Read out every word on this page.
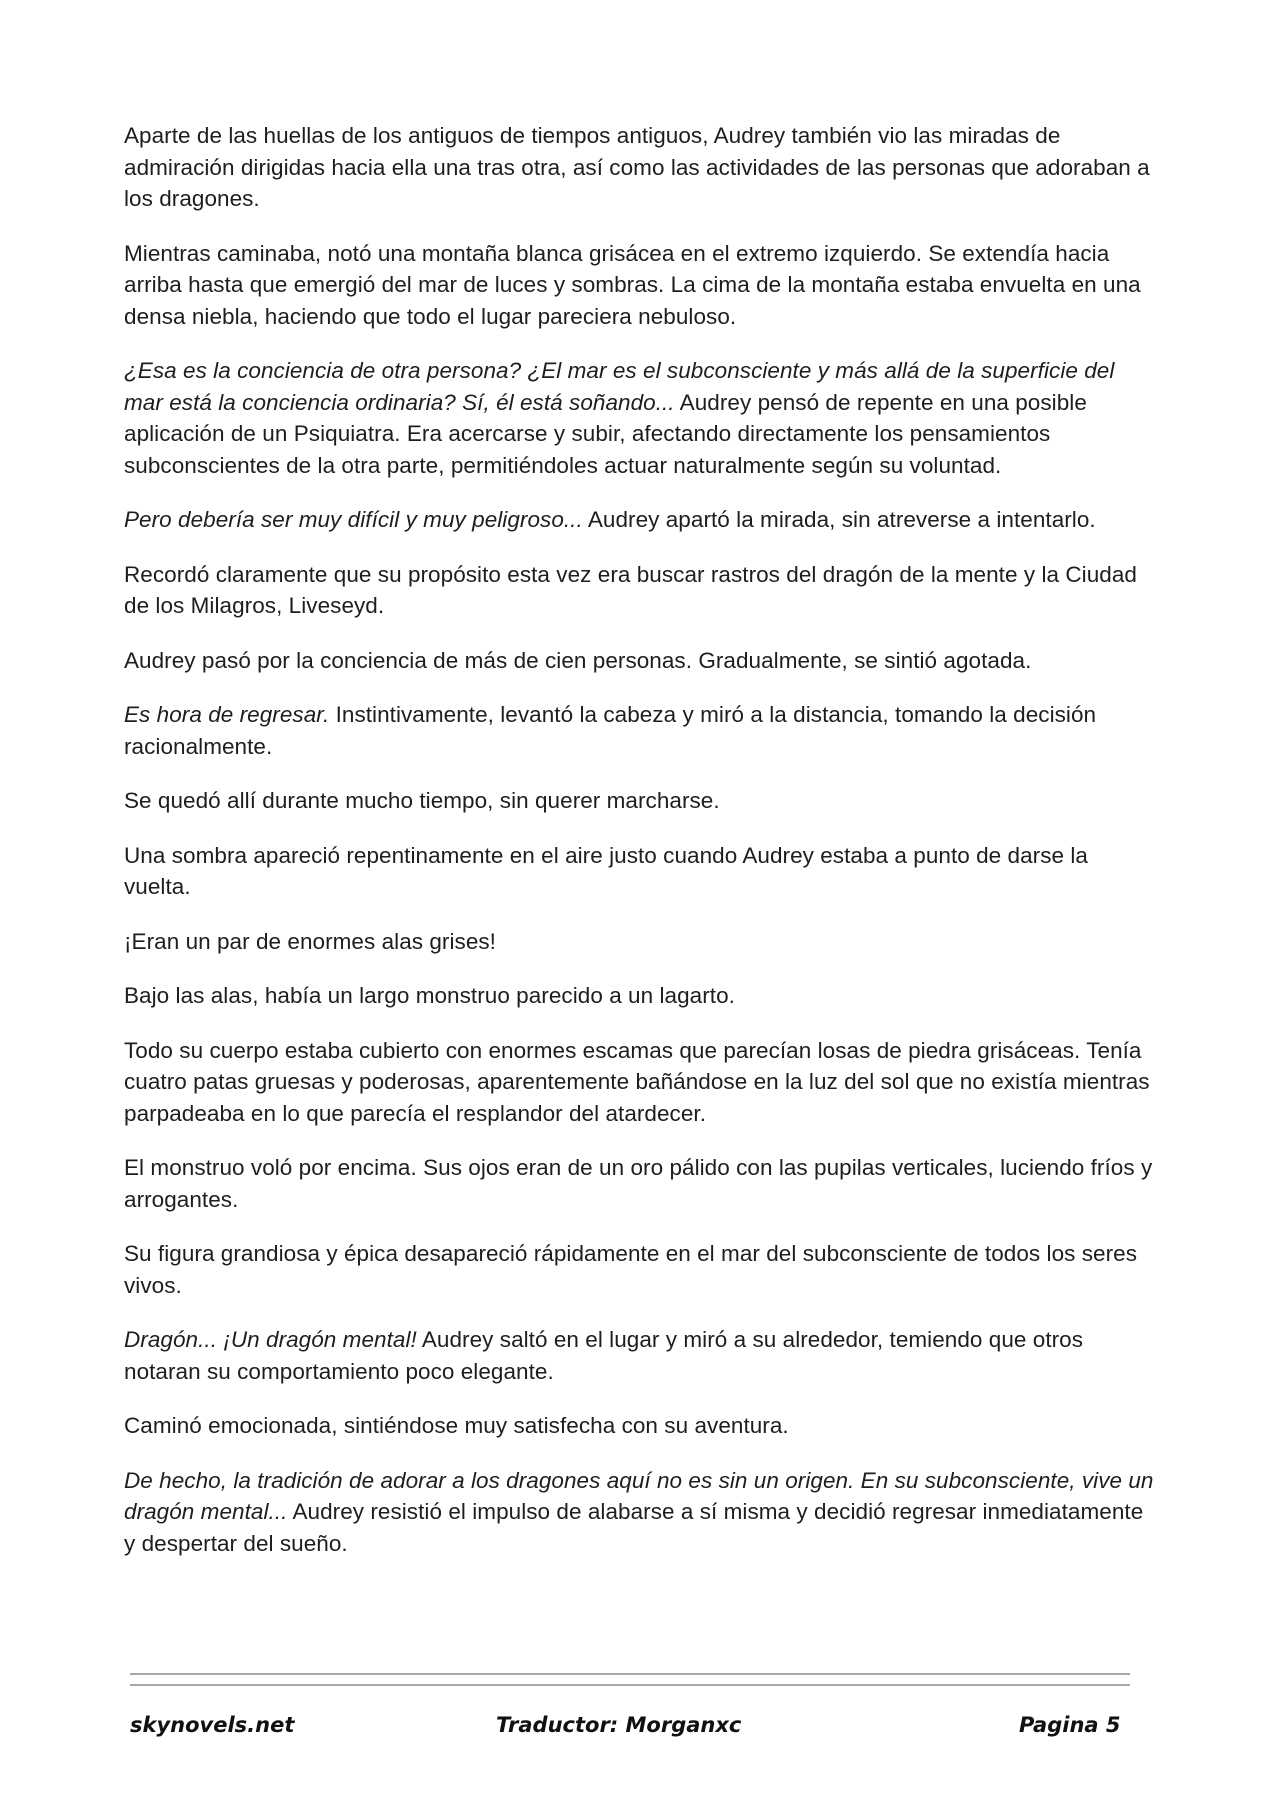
Aparte de las huellas de los antiguos de tiempos antiguos, Audrey también vio las miradas de admiración dirigidas hacia ella una tras otra, así como las actividades de las personas que adoraban a los dragones.

Mientras caminaba, notó una montaña blanca grisácea en el extremo izquierdo. Se extendía hacia arriba hasta que emergió del mar de luces y sombras. La cima de la montaña estaba envuelta en una densa niebla, haciendo que todo el lugar pareciera nebuloso.

¿Esa es la conciencia de otra persona? ¿El mar es el subconsciente y más allá de la superficie del mar está la conciencia ordinaria? Sí, él está soñando... Audrey pensó de repente en una posible aplicación de un Psiquiatra. Era acercarse y subir, afectando directamente los pensamientos subconscientes de la otra parte, permitiéndoles actuar naturalmente según su voluntad.

Pero debería ser muy difícil y muy peligroso... Audrey apartó la mirada, sin atreverse a intentarlo.

Recordó claramente que su propósito esta vez era buscar rastros del dragón de la mente y la Ciudad de los Milagros, Liveseyd.

Audrey pasó por la conciencia de más de cien personas. Gradualmente, se sintió agotada.

Es hora de regresar. Instintivamente, levantó la cabeza y miró a la distancia, tomando la decisión racionalmente.

Se quedó allí durante mucho tiempo, sin querer marcharse.

Una sombra apareció repentinamente en el aire justo cuando Audrey estaba a punto de darse la vuelta.

¡Eran un par de enormes alas grises!

Bajo las alas, había un largo monstruo parecido a un lagarto.

Todo su cuerpo estaba cubierto con enormes escamas que parecían losas de piedra grisáceas. Tenía cuatro patas gruesas y poderosas, aparentemente bañándose en la luz del sol que no existía mientras parpadeaba en lo que parecía el resplandor del atardecer.

El monstruo voló por encima. Sus ojos eran de un oro pálido con las pupilas verticales, luciendo fríos y arrogantes.

Su figura grandiosa y épica desapareció rápidamente en el mar del subconsciente de todos los seres vivos.

Dragón... ¡Un dragón mental! Audrey saltó en el lugar y miró a su alrededor, temiendo que otros notaran su comportamiento poco elegante.

Caminó emocionada, sintiéndose muy satisfecha con su aventura.

De hecho, la tradición de adorar a los dragones aquí no es sin un origen. En su subconsciente, vive un dragón mental... Audrey resistió el impulso de alabarse a sí misma y decidió regresar inmediatamente y despertar del sueño.

skynovels.net	Traductor: Morganxc	Pagina 5
